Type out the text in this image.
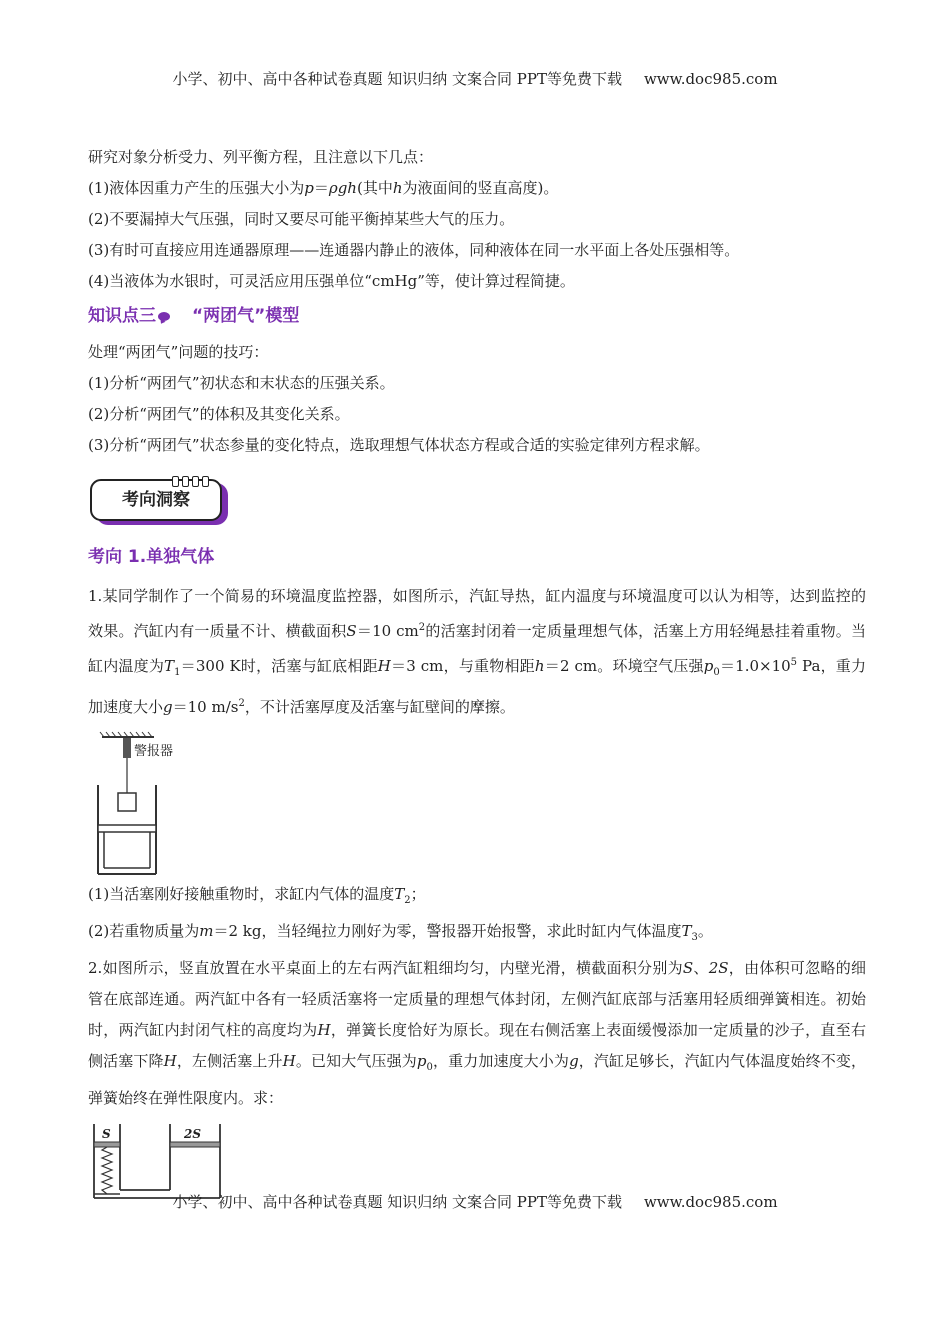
小学、初中、高中各种试卷真题 知识归纳 文案合同 PPT等免费下载 www.doc985.com

研究对象分析受力、列平衡方程，且注意以下几点：

(1)液体因重力产生的压强大小为p＝ρgh(其中h为液面间的竖直高度)。

(2)不要漏掉大气压强，同时又要尽可能平衡掉某些大气的压力。

(3)有时可直接应用连通器原理——连通器内静止的液体，同种液体在同一水平面上各处压强相等。

(4)当液体为水银时，可灵活应用压强单位“cmHg”等，使计算过程简捷。

知识点三 “两团气”模型

处理“两团气”问题的技巧：

(1)分析“两团气”初状态和末状态的压强关系。

(2)分析“两团气”的体积及其变化关系。

(3)分析“两团气”状态参量的变化特点，选取理想气体状态方程或合适的实验定律列方程求解。

考向洞察

考向 1.单独气体

1.某同学制作了一个简易的环境温度监控器，如图所示，汽缸导热，缸内温度与环境温度可以认为相等，达到监控的效果。汽缸内有一质量不计、横截面积S＝10 $cm^2$的活塞封闭着一定质量理想气体，活塞上方用轻绳悬挂着重物。当缸内温度为$T_1=300$ K时，活塞与缸底相距H＝3 cm，与重物相距h＝2 cm。环境空气压强$p_0=1.0\times 10^5$ Pa，重力加速度大小g＝10 $m/s^2$，不计活塞厚度及活塞与缸壁间的摩擦。

警报器

(1)当活塞刚好接触重物时，求缸内气体的温度$T_2$；

(2)若重物质量为m＝2 kg，当轻绳拉力刚好为零，警报器开始报警，求此时缸内气体温度$T_3$。

2.如图所示，竖直放置在水平桌面上的左右两汽缸粗细均匀，内壁光滑，横截面积分别为S、2S，由体积可忽略的细管在底部连通。两汽缸中各有一轻质活塞将一定质量的理想气体封闭，左侧汽缸底部与活塞用轻质细弹簧相连。初始时，两汽缸内封闭气柱的高度均为H，弹簧长度恰好为原长。现在右侧活塞上表面缓慢添加一定质量的沙子，直至右侧活塞下降H，左侧活塞上升H。已知大气压强为$p_0$，重力加速度大小为g，汽缸足够长，汽缸内气体温度始终不变，弹簧始终在弹性限度内。求：

S	2S
小学、初中、高中各种试卷真题 知识归纳 文案合同 PPT等免费下载 www.doc985.com
